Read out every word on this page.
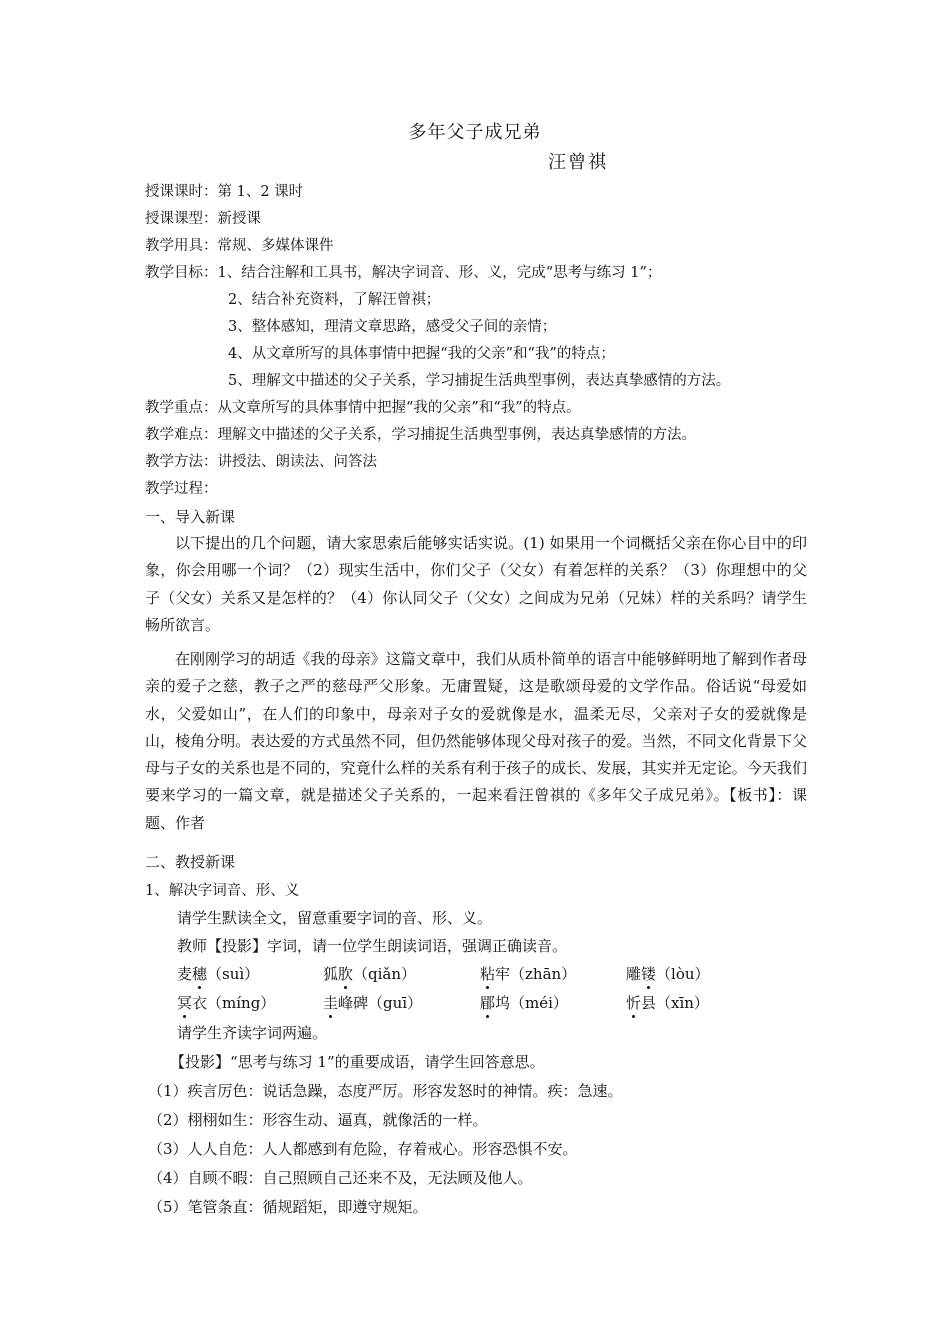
多年父子成兄弟
汪曾祺
授课课时：第 1、2 课时
授课课型：新授课
教学用具：常规、多媒体课件
教学目标：1、结合注解和工具书，解决字词音、形、义，完成“思考与练习 1”；
2、结合补充资料，了解汪曾祺；
3、整体感知，理清文章思路，感受父子间的亲情；
4、从文章所写的具体事情中把握“我的父亲”和“我”的特点；
5、理解文中描述的父子关系，学习捕捉生活典型事例，表达真挚感情的方法。
教学重点：从文章所写的具体事情中把握“我的父亲”和“我”的特点。
教学难点：理解文中描述的父子关系，学习捕捉生活典型事例，表达真挚感情的方法。
教学方法：讲授法、朗读法、问答法
教学过程：
一、导入新课

以下提出的几个问题，请大家思索后能够实话实说。(1) 如果用一个词概括父亲在你心目中的印象，你会用哪一个词？（2）现实生活中，你们父子（父女）有着怎样的关系？（3）你理想中的父子（父女）关系又是怎样的？（4）你认同父子（父女）之间成为兄弟（兄妹）样的关系吗？请学生畅所欲言。

在刚刚学习的胡适《我的母亲》这篇文章中，我们从质朴简单的语言中能够鲜明地了解到作者母亲的爱子之慈，教子之严的慈母严父形象。无庸置疑，这是歌颂母爱的文学作品。俗话说“母爱如水，父爱如山”，在人们的印象中，母亲对子女的爱就像是水，温柔无尽，父亲对子女的爱就像是山，棱角分明。表达爱的方式虽然不同，但仍然能够体现父母对孩子的爱。当然，不同文化背景下父母与子女的关系也是不同的，究竟什么样的关系有利于孩子的成长、发展，其实并无定论。今天我们要来学习的一篇文章，就是描述父子关系的，一起来看汪曾祺的《多年父子成兄弟》。【板书】：课题、作者

二、教授新课
1、解决字词音、形、义
请学生默读全文，留意重要字词的音、形、义。
教师【投影】字词，请一位学生朗读词语，强调正确读音。
麦穗（suì）	狐肷（qiǎn）	粘牢（zhān）	雕镂（lòu）
冥衣（míng）	圭峰碑（guī）	郿坞（méi）	忻县（xīn）
请学生齐读字词两遍。
【投影】“思考与练习 1”的重要成语，请学生回答意思。
（1）疾言厉色：说话急躁，态度严厉。形容发怒时的神情。疾：急速。
（2）栩栩如生：形容生动、逼真，就像活的一样。
（3）人人自危：人人都感到有危险，存着戒心。形容恐惧不安。
（4）自顾不暇：自己照顾自己还来不及，无法顾及他人。
（5）笔管条直：循规蹈矩，即遵守规矩。
